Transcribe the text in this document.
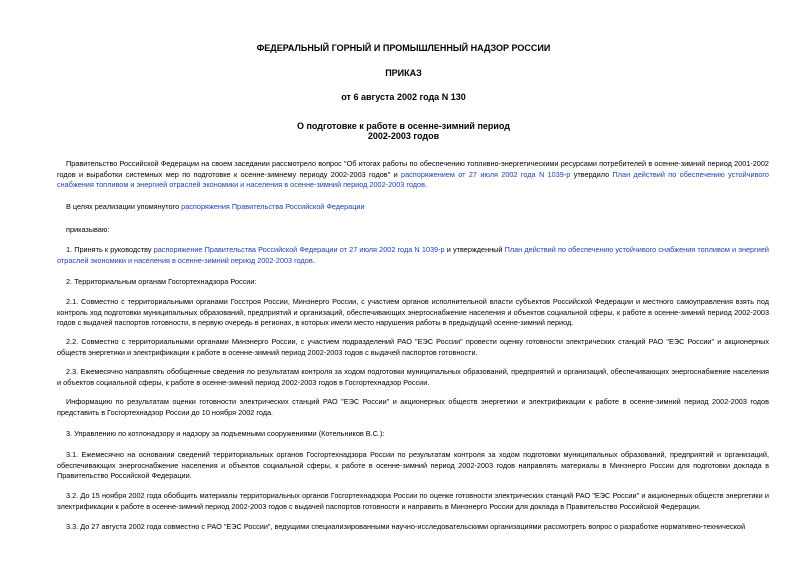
ФЕДЕРАЛЬНЫЙ ГОРНЫЙ И ПРОМЫШЛЕННЫЙ НАДЗОР РОССИИ
ПРИКАЗ
от 6 августа 2002 года N 130
О подготовке к работе в осенне-зимний период
2002-2003 годов
Правительство Российской Федерации на своем заседании рассмотрело вопрос "Об итогах работы по обеспечению топливно-энергетическими ресурсами потребителей в осенне-зимний период 2001-2002 годов и выработки системных мер по подготовке к осенне-зимнему периоду 2002-2003 годов" и распоряжением от 27 июля 2002 года N 1039-р утвердило План действий по обеспечению устойчивого снабжения топливом и энергией отраслей экономики и населения в осенне-зимний период 2002-2003 годов.
В целях реализации упомянутого распоряжения Правительства Российской Федерации
приказываю:
1. Принять к руководству распоряжение Правительства Российской Федерации от 27 июля 2002 года N 1039-р и утвержденный План действий по обеспечению устойчивого снабжения топливом и энергией отраслей экономики и населения в осенне-зимний период 2002-2003 годов.
2. Территориальным органам Госгортехнадзора России:
2.1. Совместно с территориальными органами Госстроя России, Минэнерго России, с участием органов исполнительной власти субъектов Российской Федерации и местного самоуправления взять под контроль ход подготовки муниципальных образований, предприятий и организаций, обеспечивающих энергоснабжение населения и объектов социальной сферы, к работе в осенне-зимний период 2002-2003 годов с выдачей паспортов готовности, в первую очередь в регионах, в которых имели место нарушения работы в предыдущий осенне-зимний период.
2.2. Совместно с территориальными органами Минэнерго России, с участием подразделений РАО "ЕЭС России" провести оценку готовности электрических станций РАО "ЕЭС России" и акционерных обществ энергетики и электрификации к работе в осенне-зимний период 2002-2003 годов с выдачей паспортов готовности.
2.3. Ежемесячно направлять обобщенные сведения по результатам контроля за ходом подготовки муниципальных образований, предприятий и организаций, обеспечивающих энергоснабжение населения и объектов социальной сферы, к работе в осенне-зимний период 2002-2003 годов в Госгортехнадзор России.
Информацию по результатам оценки готовности электрических станций РАО "ЕЭС России" и акционерных обществ энергетики и электрификации к работе в осенне-зимний период 2002-2003 годов представить в Госгортехнадзор России до 10 ноября 2002 года.
3. Управлению по котлонадзору и надзору за подъемными сооружениями (Котельников В.С.):
3.1. Ежемесячно на основании сведений территориальных органов Госгортехнадзора России по результатам контроля за ходом подготовки муниципальных образований, предприятий и организаций, обеспечивающих энергоснабжение населения и объектов социальной сферы, к работе в осенне-зимний период 2002-2003 годов направлять материалы в Минэнерго России для подготовки доклада в Правительство Российской Федерации.
3.2. До 15 ноября 2002 года обобщить материалы территориальных органов Госгортехнадзора России по оценке готовности электрических станций РАО "ЕЭС России" и акционерных обществ энергетики и электрификации к работе в осенне-зимний период 2002-2003 годов с выдачей паспортов готовности и направить в Минэнерго России для доклада в Правительство Российской Федерации.
3.3. До 27 августа 2002 года совместно с РАО "ЕЭС России", ведущими специализированными научно-исследовательскими организациями рассмотреть вопрос о разработке нормативно-технической
